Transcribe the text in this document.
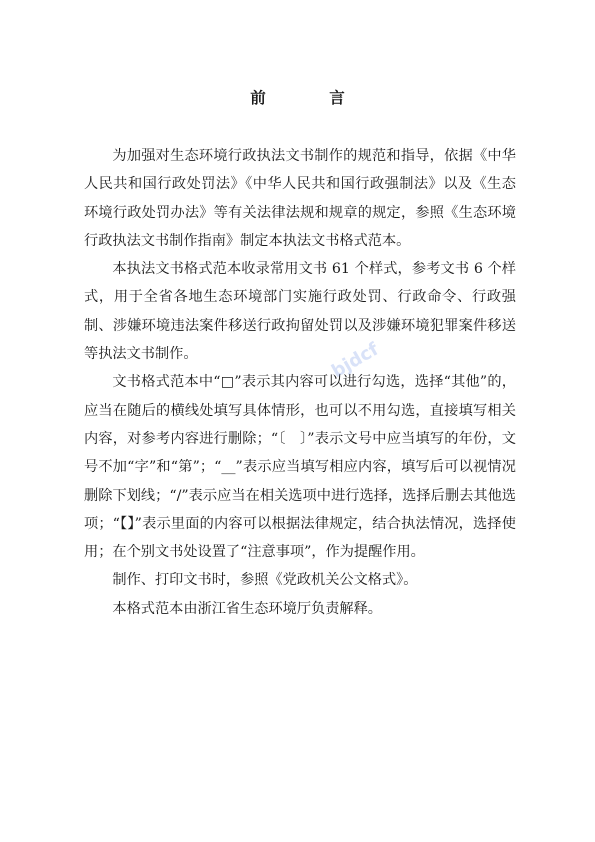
前　言

为加强对生态环境行政执法文书制作的规范和指导，依据《中华人民共和国行政处罚法》《中华人民共和国行政强制法》以及《生态环境行政处罚办法》等有关法律法规和规章的规定，参照《生态环境行政执法文书制作指南》制定本执法文书格式范本。

本执法文书格式范本收录常用文书 61 个样式，参考文书 6 个样式，用于全省各地生态环境部门实施行政处罚、行政命令、行政强制、涉嫌环境违法案件移送行政拘留处罚以及涉嫌环境犯罪案件移送等执法文书制作。

文书格式范本中“□”表示其内容可以进行勾选，选择“其他”的，应当在随后的横线处填写具体情形，也可以不用勾选，直接填写相关内容，对参考内容进行删除；“〔　〕”表示文号中应当填写的年份，文号不加“字”和“第”；“__”表示应当填写相应内容，填写后可以视情况删除下划线；“/”表示应当在相关选项中进行选择，选择后删去其他选项；“【】”表示里面的内容可以根据法律规定，结合执法情况，选择使用；在个别文书处设置了“注意事项”，作为提醒作用。

制作、打印文书时，参照《党政机关公文格式》。

本格式范本由浙江省生态环境厅负责解释。

bjdcf
